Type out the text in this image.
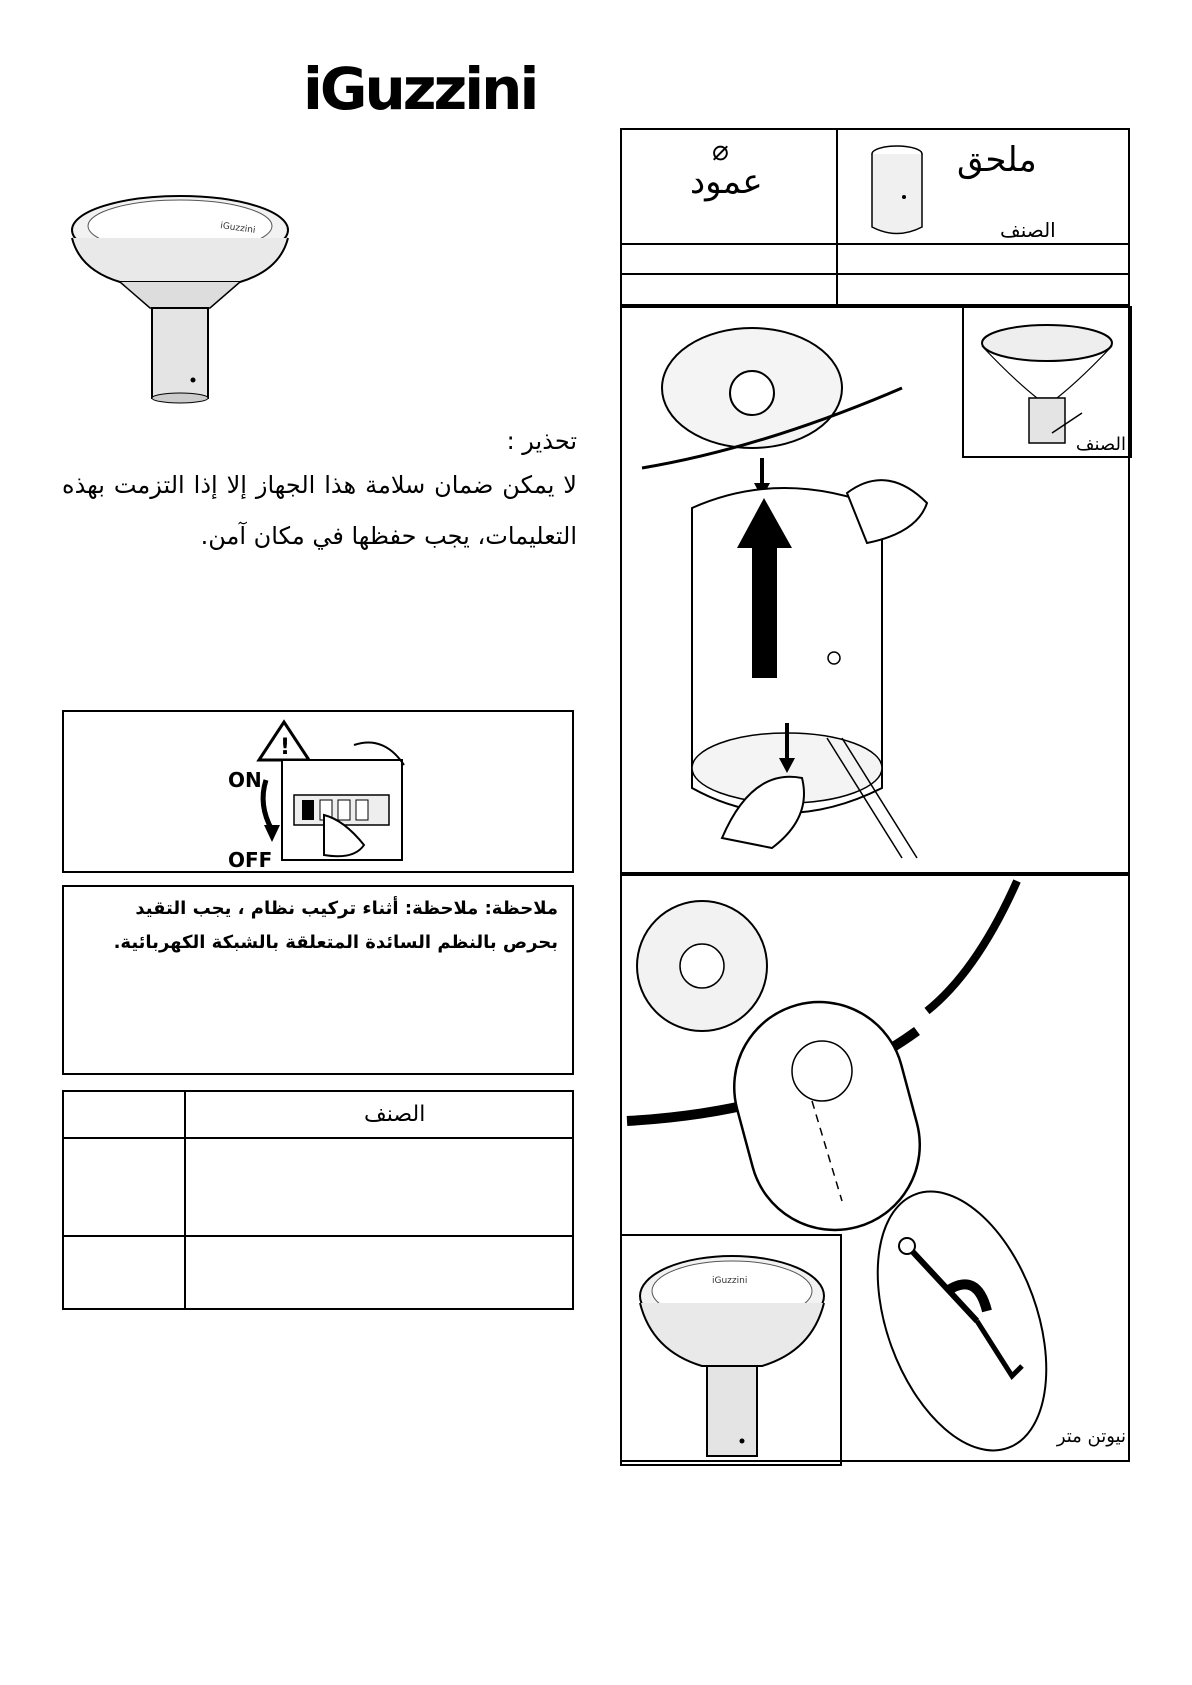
iGuzzini
iGuzzini
تحذير :
لا يمكن ضمان سلامة هذا الجهاز إلا إذا التزمت بهذه التعليمات، يجب حفظها في مكان آمن.
!
ON
OFF
ملاحظة: ملاحظة: أثناء تركيب نظام ، يجب التقيد
بحرص بالنظم السائدة المتعلقة بالشبكة الكهربائية.
الصنف
⌀
عمود
ملحق
الصنف
الصنف
iGuzzini
نيوتن متر
